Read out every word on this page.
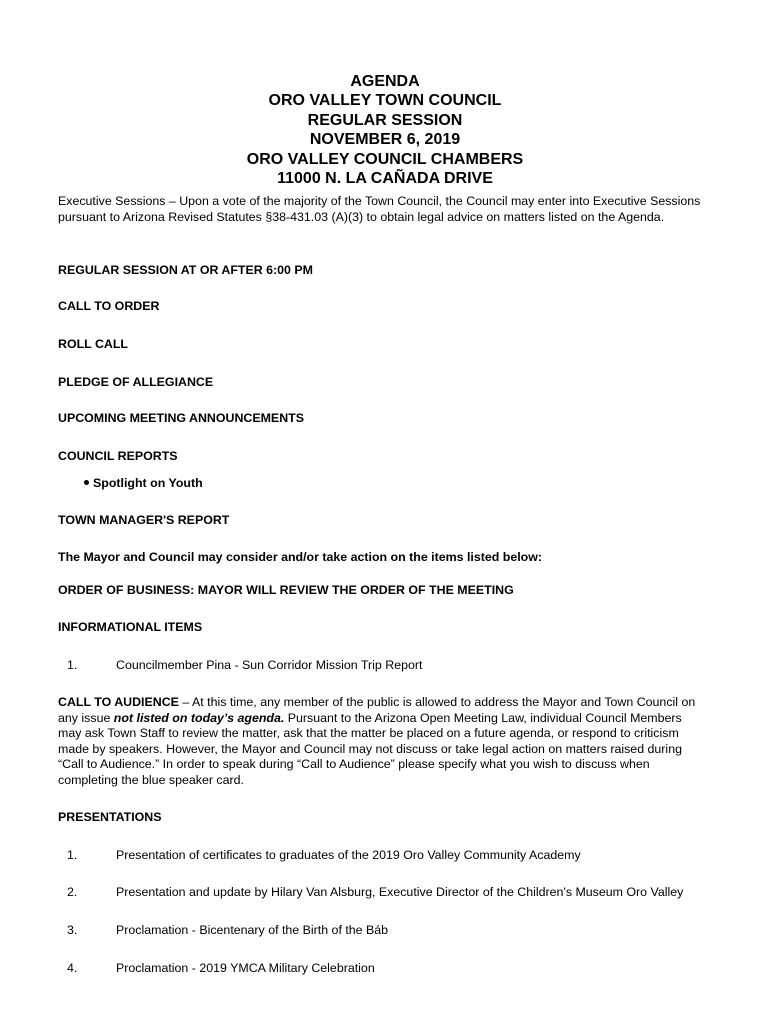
AGENDA
ORO VALLEY TOWN COUNCIL
REGULAR SESSION
NOVEMBER 6, 2019
ORO VALLEY COUNCIL CHAMBERS
11000 N. LA CAÑADA DRIVE
Executive Sessions – Upon a vote of the majority of the Town Council, the Council may enter into Executive Sessions pursuant to Arizona Revised Statutes §38-431.03 (A)(3) to obtain legal advice on matters listed on the Agenda.
REGULAR SESSION AT OR AFTER 6:00 PM
CALL TO ORDER
ROLL CALL
PLEDGE OF ALLEGIANCE
UPCOMING MEETING ANNOUNCEMENTS
COUNCIL REPORTS
Spotlight on Youth
TOWN MANAGER'S REPORT
The Mayor and Council may consider and/or take action on the items listed below:
ORDER OF BUSINESS: MAYOR WILL REVIEW THE ORDER OF THE MEETING
INFORMATIONAL ITEMS
1.	Councilmember Pina - Sun Corridor Mission Trip Report
CALL TO AUDIENCE – At this time, any member of the public is allowed to address the Mayor and Town Council on any issue not listed on today’s agenda. Pursuant to the Arizona Open Meeting Law, individual Council Members may ask Town Staff to review the matter, ask that the matter be placed on a future agenda, or respond to criticism made by speakers. However, the Mayor and Council may not discuss or take legal action on matters raised during “Call to Audience.” In order to speak during “Call to Audience” please specify what you wish to discuss when completing the blue speaker card.
PRESENTATIONS
1.	Presentation of certificates to graduates of the 2019 Oro Valley Community Academy
2.	Presentation and update by Hilary Van Alsburg, Executive Director of the Children's Museum Oro Valley
3.	Proclamation - Bicentenary of the Birth of the Báb
4.	Proclamation - 2019 YMCA Military Celebration
